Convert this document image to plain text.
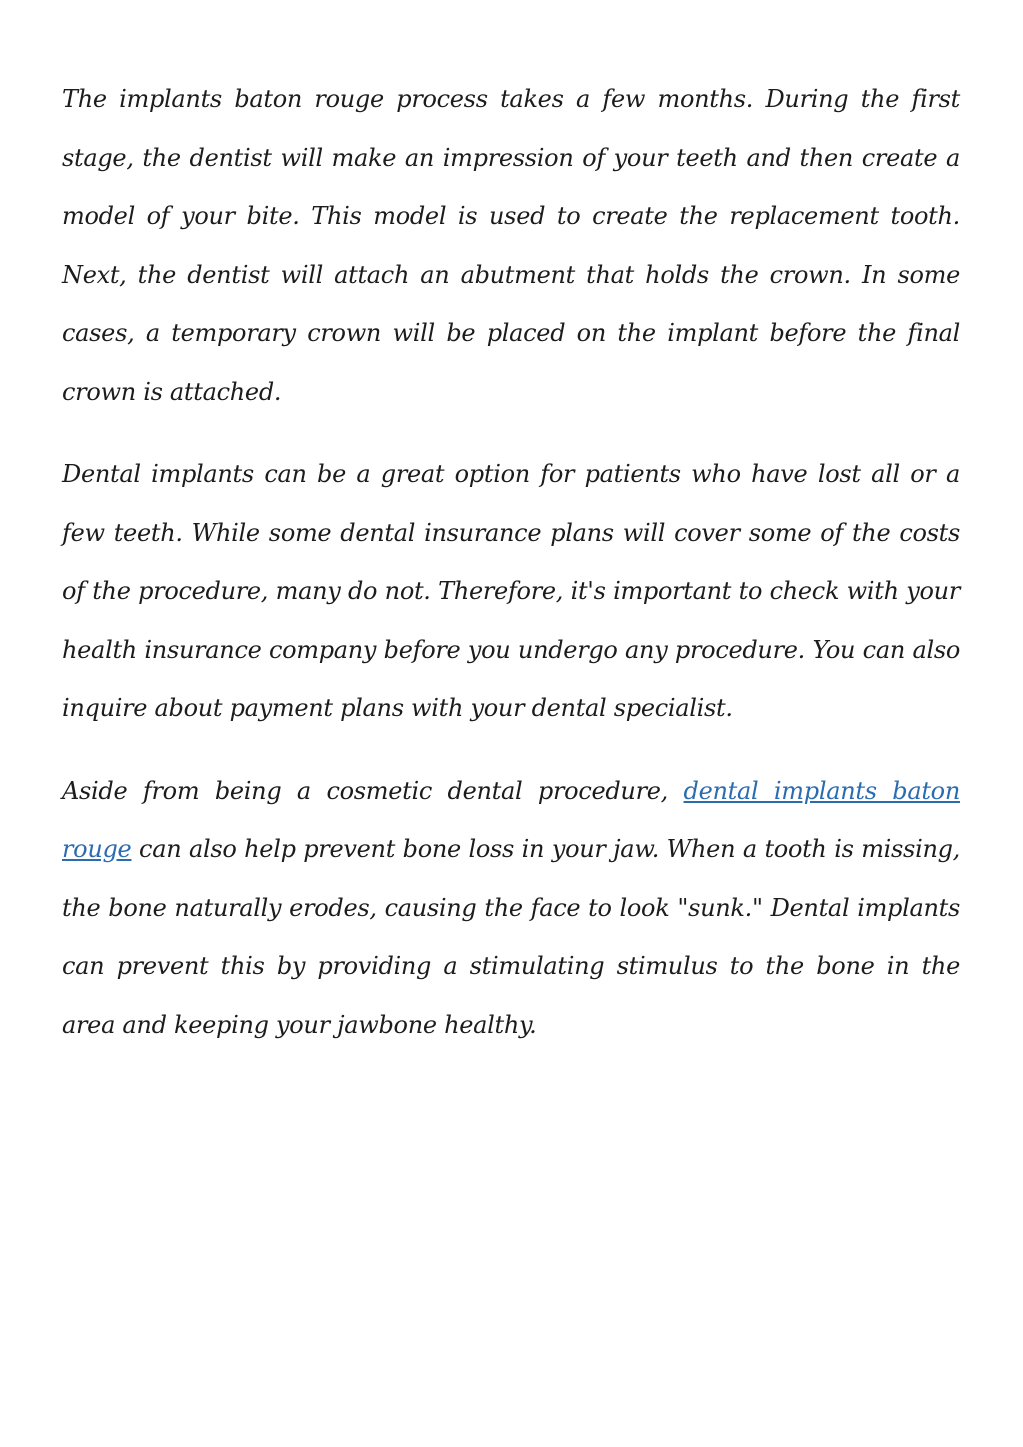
The implants baton rouge process takes a few months. During the first stage, the dentist will make an impression of your teeth and then create a model of your bite. This model is used to create the replacement tooth. Next, the dentist will attach an abutment that holds the crown. In some cases, a temporary crown will be placed on the implant before the final crown is attached.

Dental implants can be a great option for patients who have lost all or a few teeth. While some dental insurance plans will cover some of the costs of the procedure, many do not. Therefore, it's important to check with your health insurance company before you undergo any procedure. You can also inquire about payment plans with your dental specialist.

Aside from being a cosmetic dental procedure, dental implants baton rouge can also help prevent bone loss in your jaw. When a tooth is missing, the bone naturally erodes, causing the face to look "sunk." Dental implants can prevent this by providing a stimulating stimulus to the bone in the area and keeping your jawbone healthy.
